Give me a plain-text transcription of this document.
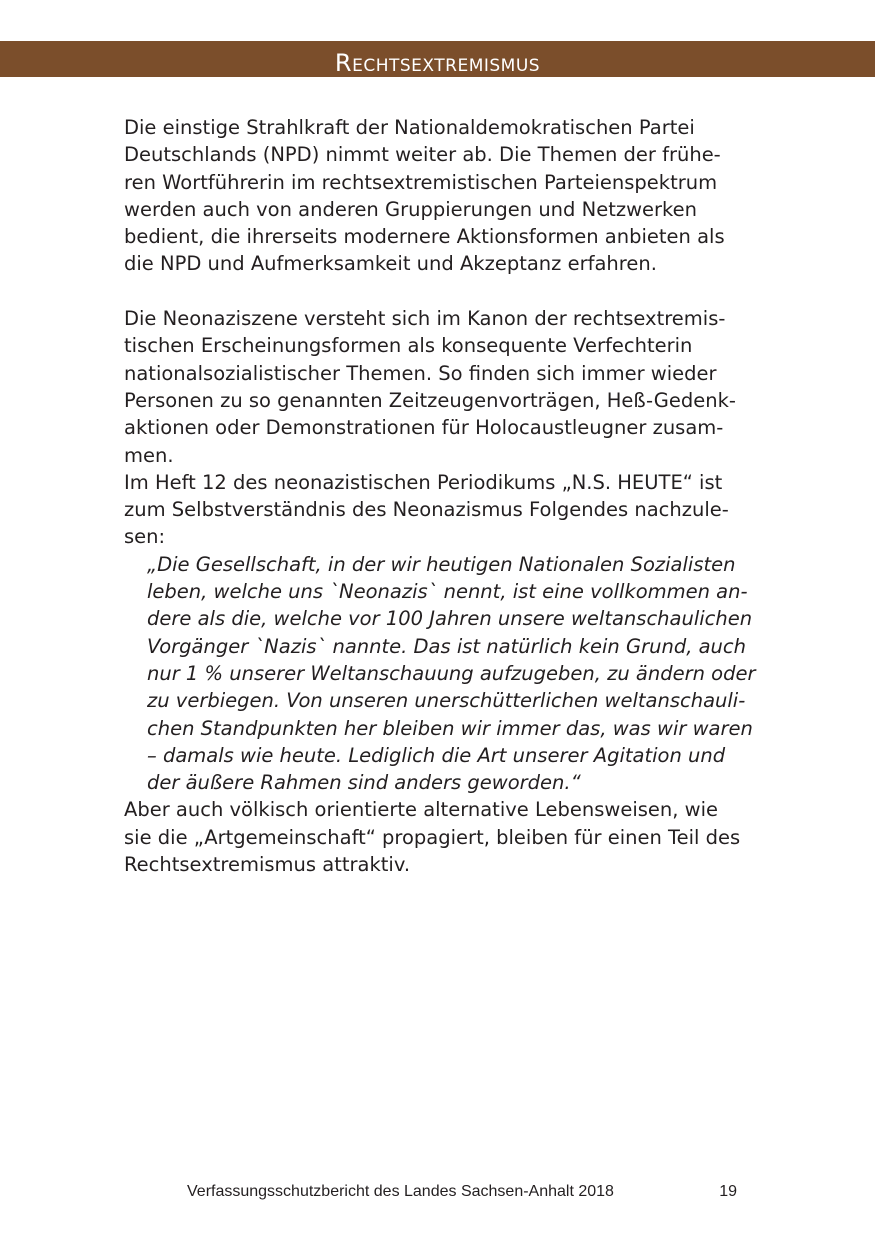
Rechtsextremismus

Die einstige Strahlkraft der Nationaldemokratischen Partei
Deutschlands (NPD) nimmt weiter ab. Die Themen der frühe-
ren Wortführerin im rechtsextremistischen Parteienspektrum
werden auch von anderen Gruppierungen und Netzwerken
bedient, die ihrerseits modernere Aktionsformen anbieten als
die NPD und Aufmerksamkeit und Akzeptanz erfahren.

Die Neonaziszene versteht sich im Kanon der rechtsextremis-
tischen Erscheinungsformen als konsequente Verfechterin
nationalsozialistischer Themen. So finden sich immer wieder
Personen zu so genannten Zeitzeugenvorträgen, Heß-Gedenk-
aktionen oder Demonstrationen für Holocaustleugner zusam-
men.

Im Heft 12 des neonazistischen Periodikums „N.S. HEUTE“ ist
zum Selbstverständnis des Neonazismus Folgendes nachzule-
sen:

„Die Gesellschaft, in der wir heutigen Nationalen Sozialisten
leben, welche uns `Neonazis` nennt, ist eine vollkommen an-
dere als die, welche vor 100 Jahren unsere weltanschaulichen
Vorgänger `Nazis` nannte. Das ist natürlich kein Grund, auch
nur 1 % unserer Weltanschauung aufzugeben, zu ändern oder
zu verbiegen. Von unseren unerschütterlichen weltanschauli-
chen Standpunkten her bleiben wir immer das, was wir waren
– damals wie heute. Lediglich die Art unserer Agitation und
der äußere Rahmen sind anders geworden.“

Aber auch völkisch orientierte alternative Lebensweisen, wie
sie die „Artgemeinschaft“ propagiert, bleiben für einen Teil des
Rechtsextremismus attraktiv.

Verfassungsschutzbericht des Landes Sachsen-Anhalt 2018	19
